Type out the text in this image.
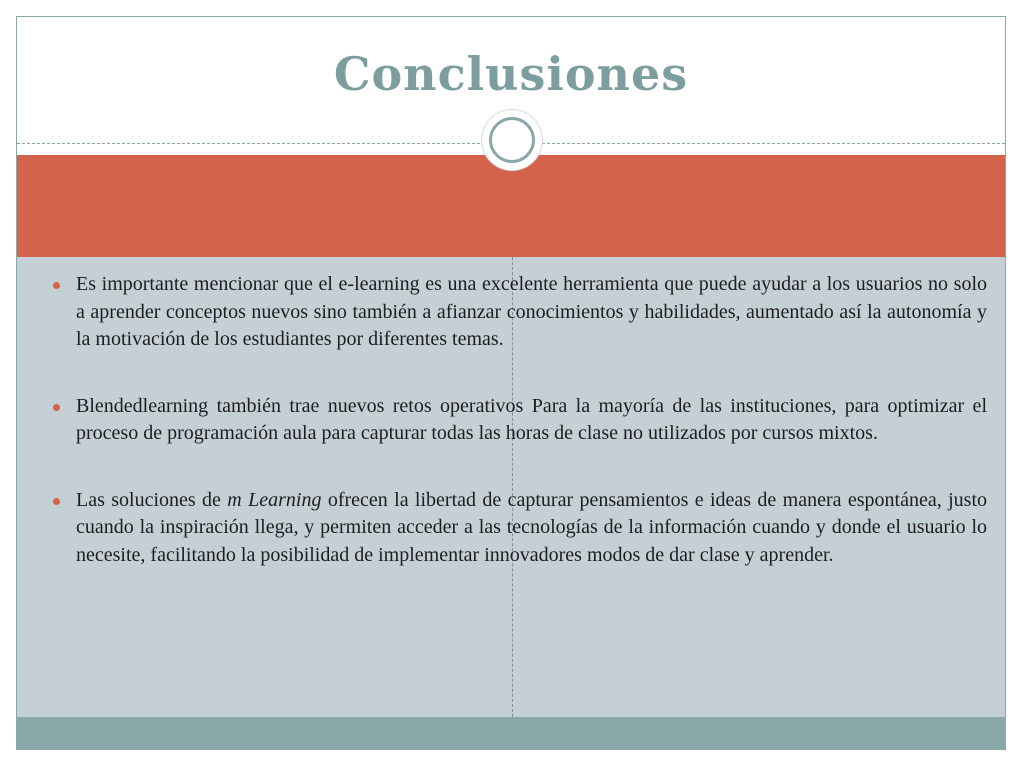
Conclusiones
Es importante mencionar que el e-learning es una excelente herramienta que puede ayudar a los usuarios no solo a aprender conceptos nuevos sino también a afianzar conocimientos y habilidades, aumentado así la autonomía y la motivación de los estudiantes por diferentes temas.
Blendedlearning también trae nuevos retos operativos Para la mayoría de las instituciones, para optimizar el proceso de programación aula para capturar todas las horas de clase no utilizados por cursos mixtos.
Las soluciones de m Learning ofrecen la libertad de capturar pensamientos e ideas de manera espontánea, justo cuando la inspiración llega, y permiten acceder a las tecnologías de la información cuando y donde el usuario lo necesite, facilitando la posibilidad de implementar innovadores modos de dar clase y aprender.
